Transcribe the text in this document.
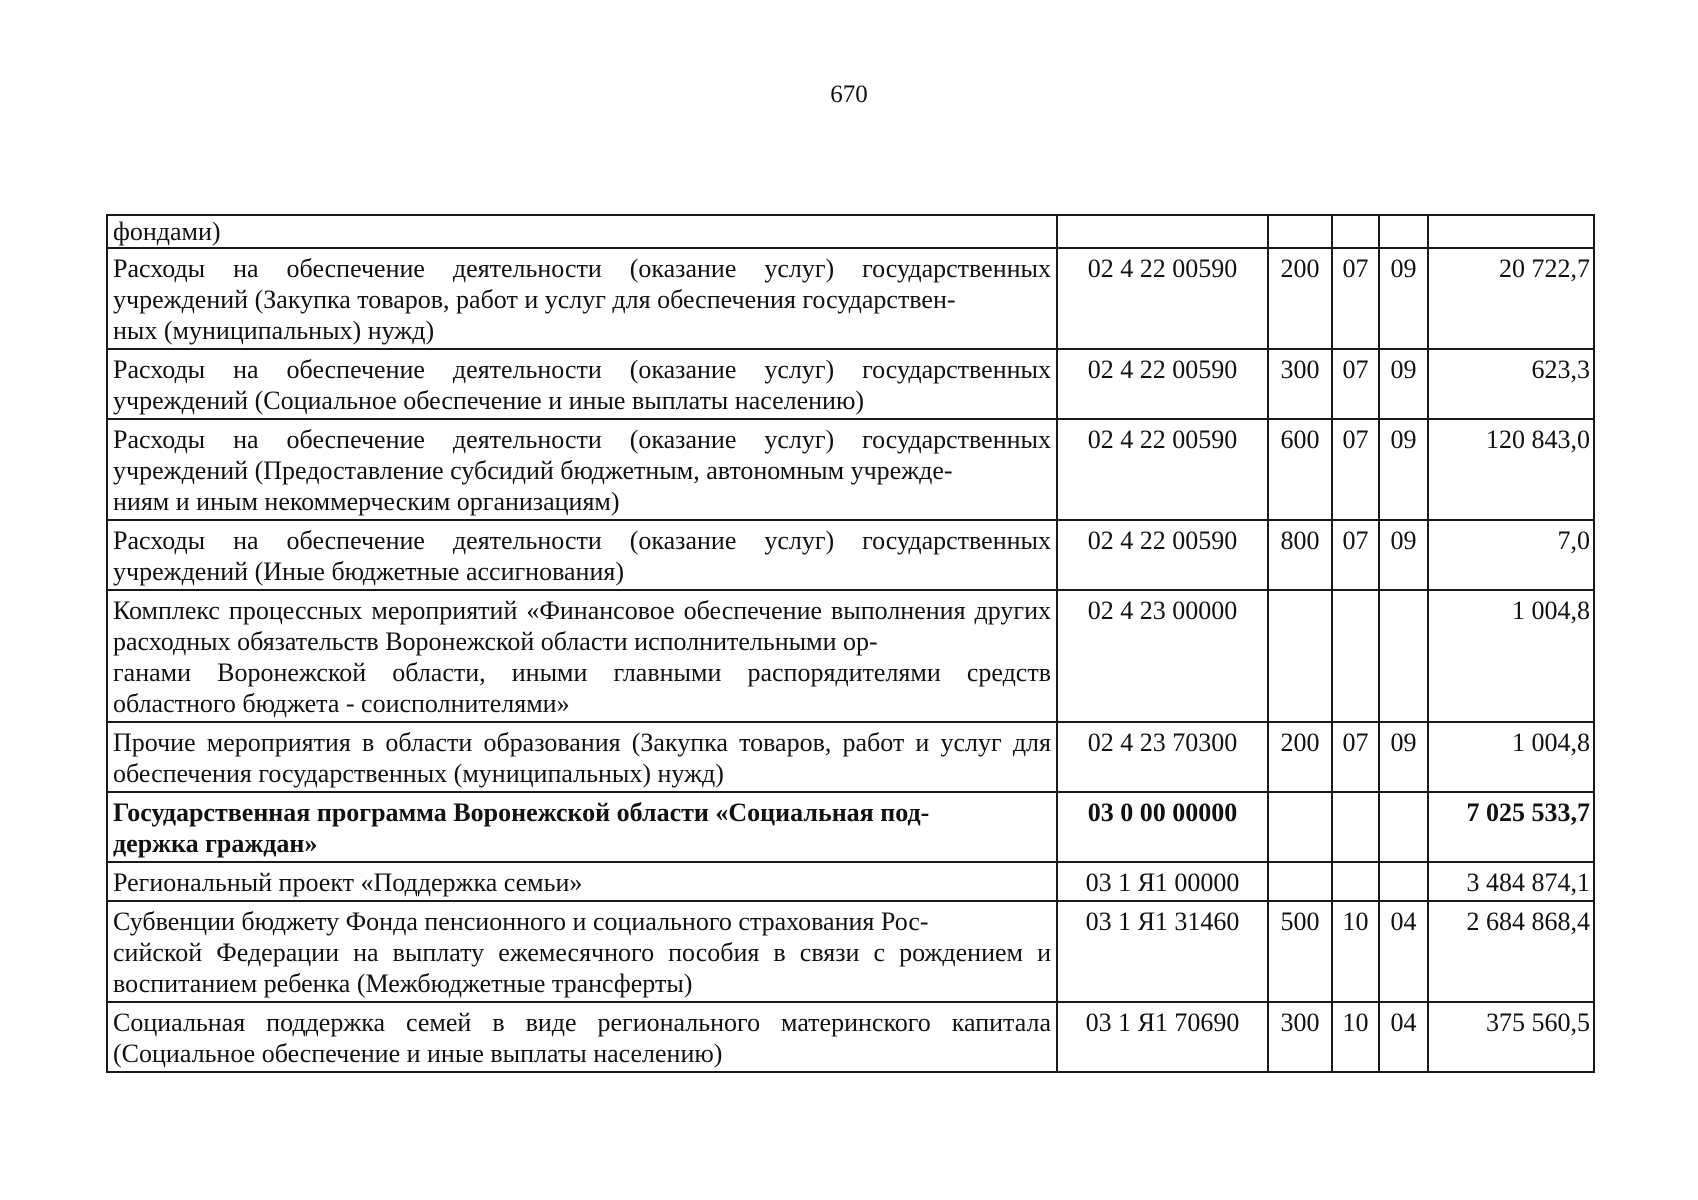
670
фондами)					
Расходы на обеспечение деятельности (оказание услуг) государственных учреждений (Закупка товаров, работ и услуг для обеспечения государствен-
ных (муниципальных) нужд)	02 4 22 00590	200	07	09	20 722,7
Расходы на обеспечение деятельности (оказание услуг) государственных учреждений (Социальное обеспечение и иные выплаты населению)	02 4 22 00590	300	07	09	623,3
Расходы на обеспечение деятельности (оказание услуг) государственных учреждений (Предоставление субсидий бюджетным, автономным учрежде-
ниям и иным некоммерческим организациям)	02 4 22 00590	600	07	09	120 843,0
Расходы на обеспечение деятельности (оказание услуг) государственных учреждений (Иные бюджетные ассигнования)	02 4 22 00590	800	07	09	7,0
Комплекс процессных мероприятий «Финансовое обеспечение выполнения других расходных обязательств Воронежской области исполнительными ор-
ганами Воронежской области, иными главными распорядителями средств областного бюджета - соисполнителями»	02 4 23 00000				1 004,8
Прочие мероприятия в области образования (Закупка товаров, работ и услуг для обеспечения государственных (муниципальных) нужд)	02 4 23 70300	200	07	09	1 004,8
Государственная программа Воронежской области «Социальная под-
держка граждан»	03 0 00 00000				7 025 533,7
Региональный проект «Поддержка семьи»	03 1 Я1 00000				3 484 874,1
Субвенции бюджету Фонда пенсионного и социального страхования Рос-
сийской Федерации на выплату ежемесячного пособия в связи с рождением и воспитанием ребенка (Межбюджетные трансферты)	03 1 Я1 31460	500	10	04	2 684 868,4
Социальная поддержка семей в виде регионального материнского капитала (Социальное обеспечение и иные выплаты населению)	03 1 Я1 70690	300	10	04	375 560,5
